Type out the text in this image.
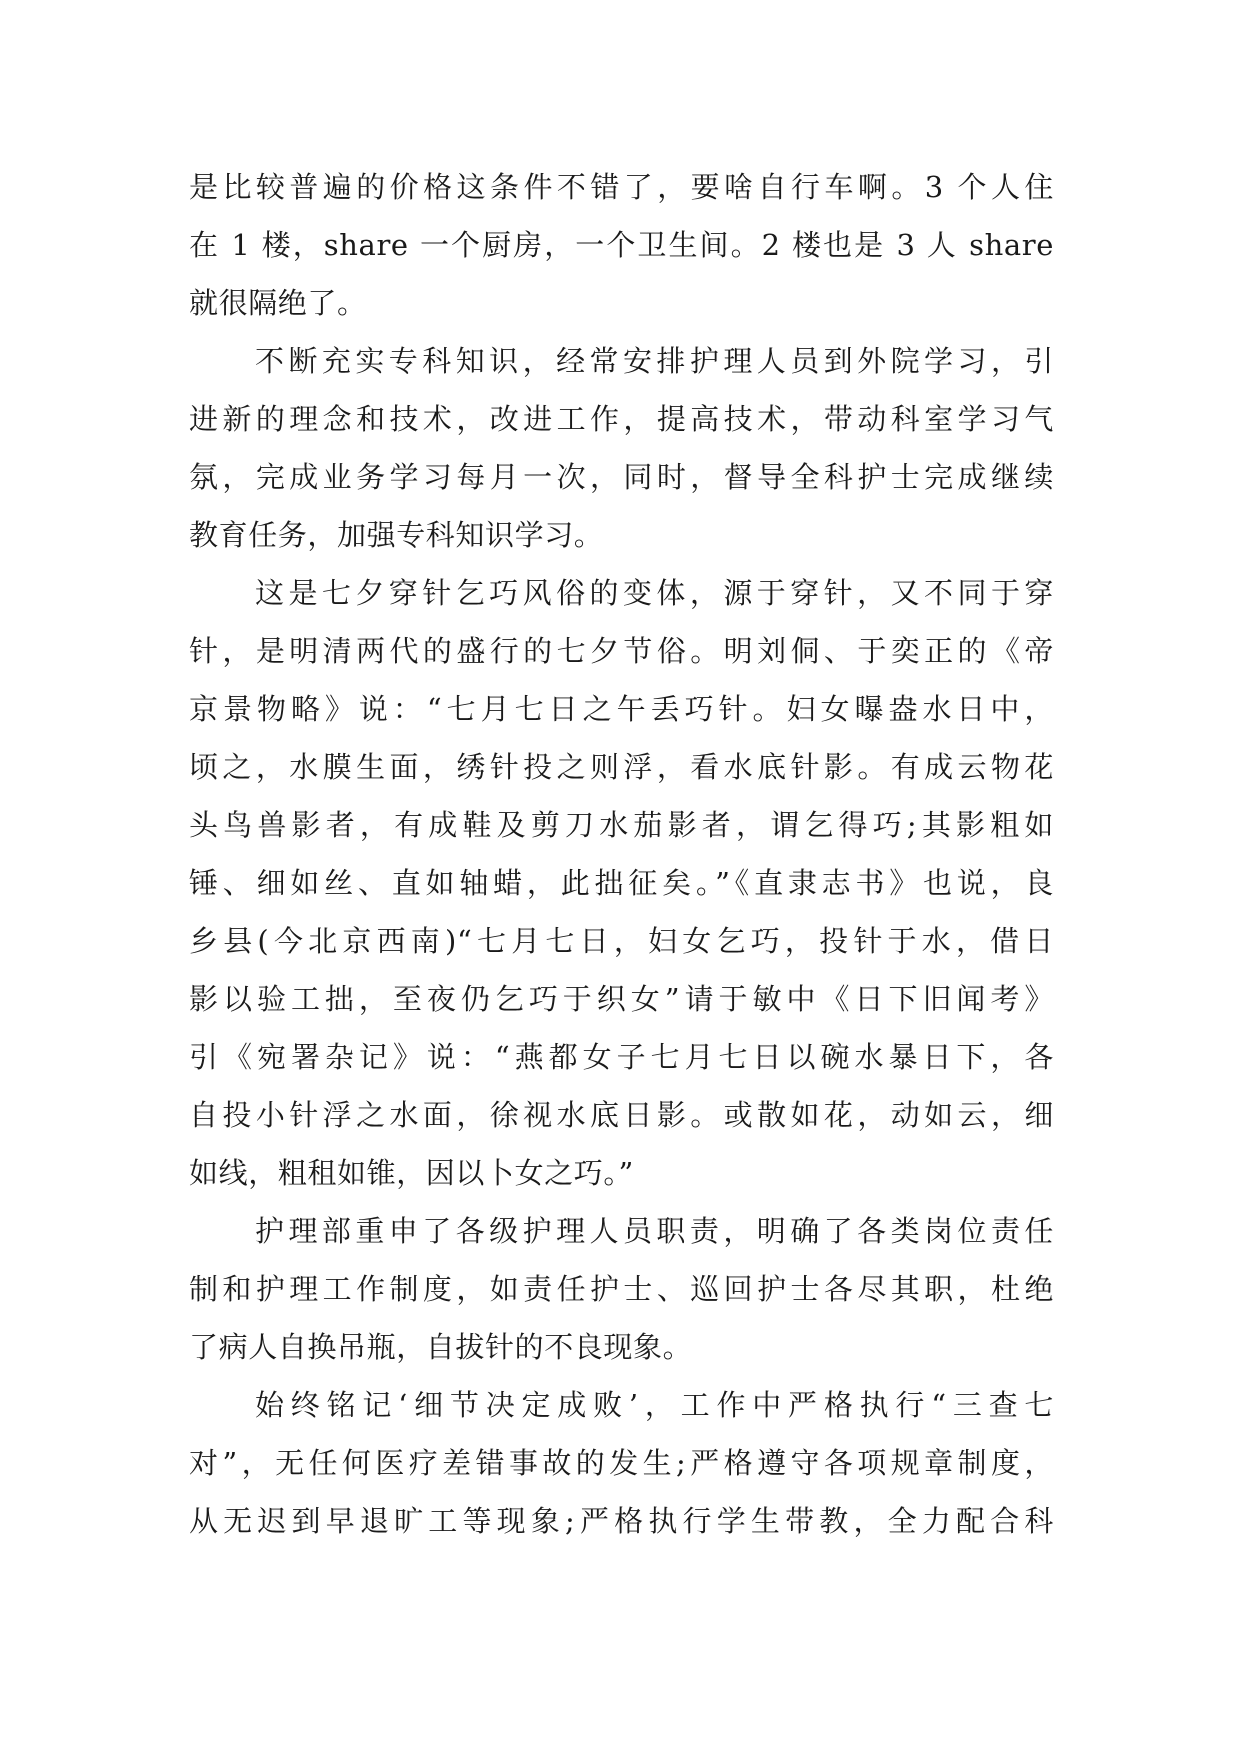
是比较普遍的价格这条件不错了，要啥自行车啊。3 个人住
在 1 楼，share 一个厨房，一个卫生间。2 楼也是 3 人 share
就很隔绝了。
不断充实专科知识，经常安排护理人员到外院学习，引
进新的理念和技术，改进工作，提高技术，带动科室学习气
氛，完成业务学习每月一次，同时，督导全科护士完成继续
教育任务，加强专科知识学习。
这是七夕穿针乞巧风俗的变体，源于穿针，又不同于穿
针，是明清两代的盛行的七夕节俗。明刘侗、于奕正的《帝
京景物略》说：“七月七日之午丢巧针。妇女曝盎水日中，
顷之，水膜生面，绣针投之则浮，看水底针影。有成云物花
头鸟兽影者，有成鞋及剪刀水茄影者，谓乞得巧;其影粗如
锤、细如丝、直如轴蜡，此拙征矣。”《直隶志书》也说，良
乡县(今北京西南)“七月七日，妇女乞巧，投针于水，借日
影以验工拙，至夜仍乞巧于织女”请于敏中《日下旧闻考》
引《宛署杂记》说：“燕都女子七月七日以碗水暴日下，各
自投小针浮之水面，徐视水底日影。或散如花，动如云，细
如线，粗租如锥，因以卜女之巧。”
护理部重申了各级护理人员职责，明确了各类岗位责任
制和护理工作制度，如责任护士、巡回护士各尽其职，杜绝
了病人自换吊瓶，自拔针的不良现象。
始终铭记‘细节决定成败’，工作中严格执行“三查七
对”，无任何医疗差错事故的发生;严格遵守各项规章制度，
从无迟到早退旷工等现象;严格执行学生带教，全力配合科
